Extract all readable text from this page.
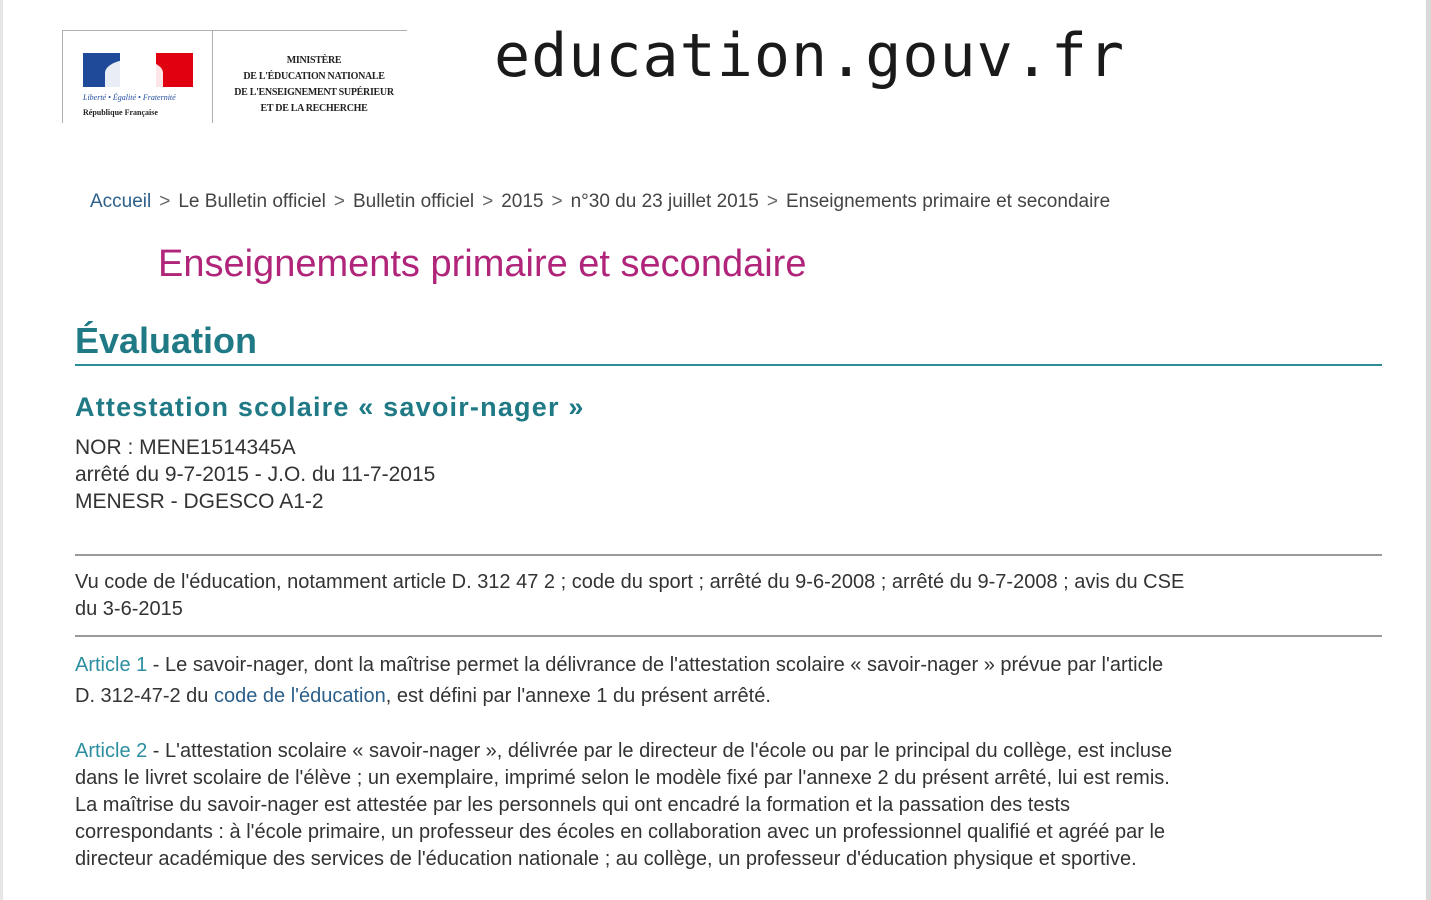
Liberté • Égalité • Fraternité
République Française
MINISTÈRE
DE L'ÉDUCATION NATIONALE
DE L'ENSEIGNEMENT SUPÉRIEUR
ET DE LA RECHERCHE
education.gouv.fr
Accueil > Le Bulletin officiel > Bulletin officiel > 2015 > n°30 du 23 juillet 2015 > Enseignements primaire et secondaire
Enseignements primaire et secondaire
Évaluation
Attestation scolaire « savoir-nager »
NOR : MENE1514345A
arrêté du 9-7-2015 - J.O. du 11-7-2015
MENESR - DGESCO A1-2
Vu code de l'éducation, notamment article D. 312 47 2 ; code du sport ; arrêté du 9-6-2008 ; arrêté du 9-7-2008 ; avis du CSE
du 3-6-2015
Article 1 - Le savoir-nager, dont la maîtrise permet la délivrance de l'attestation scolaire « savoir-nager » prévue par l'article
D. 312-47-2 du code de l'éducation, est défini par l'annexe 1 du présent arrêté.
Article 2 - L'attestation scolaire « savoir-nager », délivrée par le directeur de l'école ou par le principal du collège, est incluse
dans le livret scolaire de l'élève ; un exemplaire, imprimé selon le modèle fixé par l'annexe 2 du présent arrêté, lui est remis.
La maîtrise du savoir-nager est attestée par les personnels qui ont encadré la formation et la passation des tests
correspondants : à l'école primaire, un professeur des écoles en collaboration avec un professionnel qualifié et agréé par le
directeur académique des services de l'éducation nationale ; au collège, un professeur d'éducation physique et sportive.
